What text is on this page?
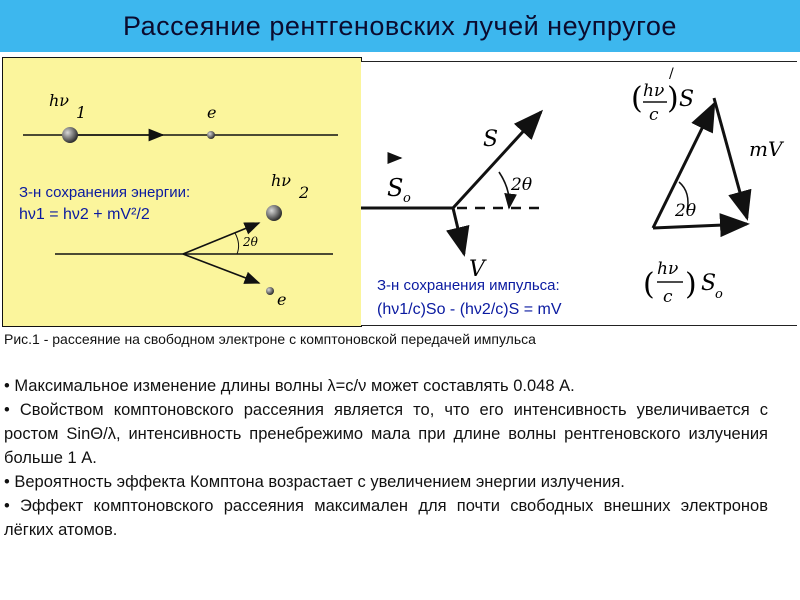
Рассеяние рентгеновских лучей неупругое
hν
1	e
2θ
hν
2
e
З-н сохранения энергии:
hν1 = hν2 + mV²/2
S o
S
2θ
V
З-н сохранения импульса:
(hν1/c)So - (hν2/c)S = mV
2θ
( hν
/
c ) S
mV
( hν
c ) S
o
Рис.1 - рассеяние на свободном электроне с комптоновской передачей импульса
• Максимальное изменение длины волны λ=c/ν может составлять 0.048 А.
• Свойством комптоновского рассеяния является то, что его интенсивность увеличивается с ростом SinΘ/λ, интенсивность пренебрежимо мала при длине волны рентгеновского излучения больше 1 А.
• Вероятность эффекта Комптона возрастает с увеличением энергии излучения.
• Эффект комптоновского рассеяния максимален для почти свободных внешних электронов лёгких атомов.
